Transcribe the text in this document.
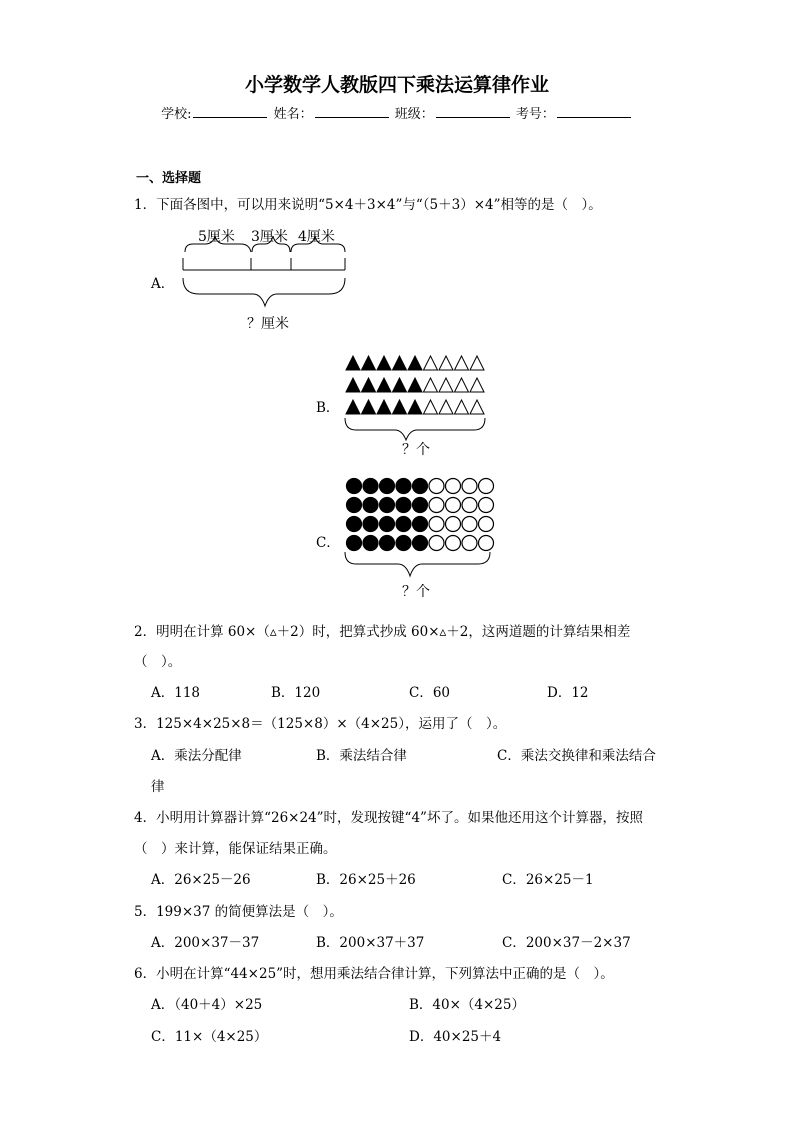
小学数学人教版四下乘法运算律作业
学校:	姓名：	班级：	考号：
一、选择题
1．下面各图中，可以用来说明“5×4＋3×4”与“（5＋3）×4”相等的是（　）。
A．
5厘米 3厘米 4厘米
？厘米
B．
？个
C．
？个
2．明明在计算 60×（▵＋2）时，把算式抄成 60×▵＋2，这两道题的计算结果相差
（　）。
A．118	B．120	C．60	D．12
3．125×4×25×8＝（125×8）×（4×25），运用了（　）。
A．乘法分配律	B．乘法结合律	C．乘法交换律和乘法结合
律
4．小明用计算器计算“26×24”时，发现按键“4”坏了。如果他还用这个计算器，按照
（　）来计算，能保证结果正确。
A．26×25－26	B．26×25＋26	C．26×25－1
5．199×37 的简便算法是（　）。
A．200×37－37	B．200×37＋37	C．200×37－2×37
6．小明在计算“44×25”时，想用乘法结合律计算，下列算法中正确的是（　）。
A．（40＋4）×25	B．40×（4×25）
C．11×（4×25）	D．40×25＋4
